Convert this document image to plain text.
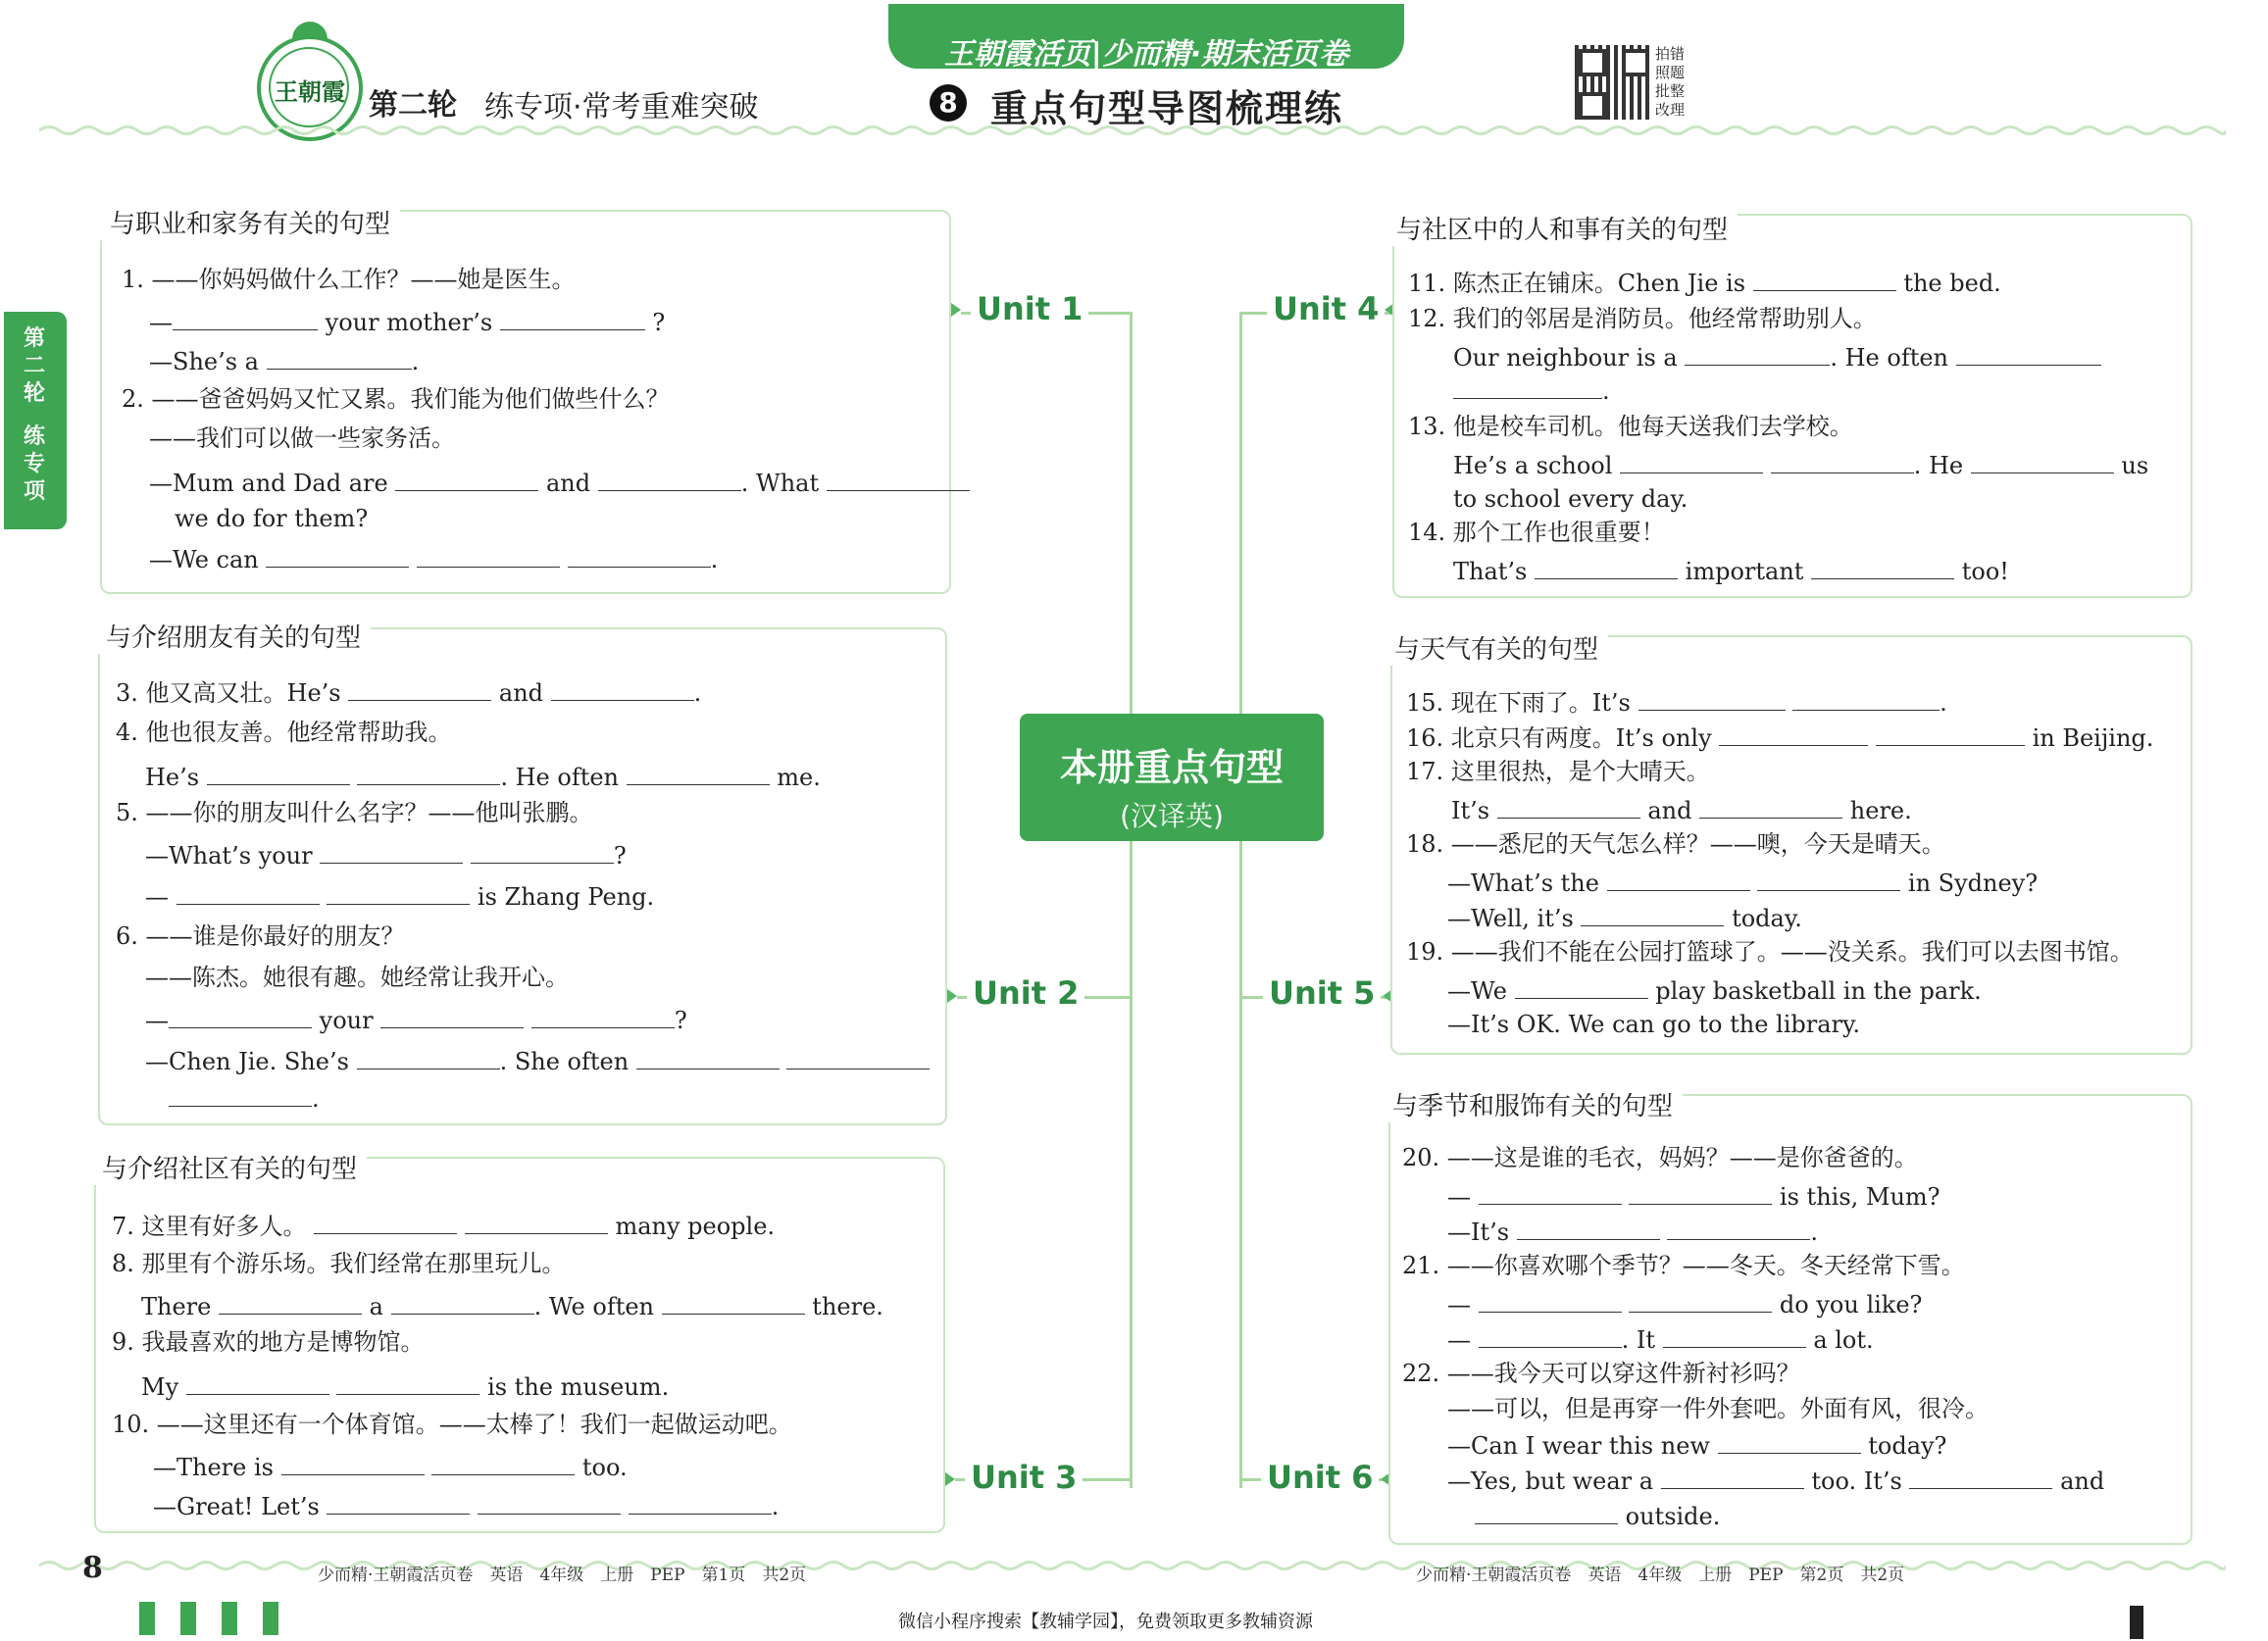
王朝霞 第二轮 练专项·常考重难突破
王朝霞活页|少而精·期末活页卷
8 重点句型导图梳理练
拍错照题批整改理
第二轮
练专项
Unit 1
Unit 2
Unit 3
Unit 4
Unit 5
Unit 6
本册重点句型
(汉译英)
与职业和家务有关的句型
1. ——你妈妈做什么工作？——她是医生。
—	your mother’s	?
—She’s a	.
2. ——爸爸妈妈又忙又累。我们能为他们做些什么？
——我们可以做一些家务活。
—Mum and Dad are	and	. What
we do for them?
—We can	.
与介绍朋友有关的句型
3. 他又高又壮。He’s	and	.
4. 他也很友善。他经常帮助我。
He’s	. He often	me.
5. ——你的朋友叫什么名字？——他叫张鹏。
—What’s your	?
—	is Zhang Peng.
6. ——谁是你最好的朋友？
——陈杰。她很有趣。她经常让我开心。
—	your	?
—Chen Jie. She’s	. She often
.
与介绍社区有关的句型
7. 这里有好多人。	many people.
8. 那里有个游乐场。我们经常在那里玩儿。
There	a	. We often	there.
9. 我最喜欢的地方是博物馆。
My	is the museum.
10. ——这里还有一个体育馆。——太棒了！我们一起做运动吧。
—There is	too.
—Great! Let’s	.
与社区中的人和事有关的句型
11. 陈杰正在铺床。Chen Jie is	the bed.
12. 我们的邻居是消防员。他经常帮助别人。
Our neighbour is a	. He often
.
13. 他是校车司机。他每天送我们去学校。
He’s a school	. He	us
to school every day.
14. 那个工作也很重要！
That’s	important	too!
与天气有关的句型
15. 现在下雨了。It’s	.
16. 北京只有两度。It’s only	in Beijing.
17. 这里很热，是个大晴天。
It’s	and	here.
18. ——悉尼的天气怎么样？——噢，今天是晴天。
—What’s the	in Sydney?
—Well, it’s	today.
19. ——我们不能在公园打篮球了。——没关系。我们可以去图书馆。
—We	play basketball in the park.
—It’s OK. We can go to the library.
与季节和服饰有关的句型
20. ——这是谁的毛衣，妈妈？——是你爸爸的。
—	is this, Mum?
—It’s	.
21. ——你喜欢哪个季节？——冬天。冬天经常下雪。
—	do you like?
—	. It	a lot.
22. ——我今天可以穿这件新衬衫吗？
——可以，但是再穿一件外套吧。外面有风，很冷。
—Can I wear this new	today?
—Yes, but wear a	too. It’s	and
outside.
8	少而精·王朝霞活页卷　英语　4年级　上册　PEP　第1页　共2页	少而精·王朝霞活页卷　英语　4年级　上册　PEP　第2页　共2页
微信小程序搜索【教辅学园】，免费领取更多教辅资源
